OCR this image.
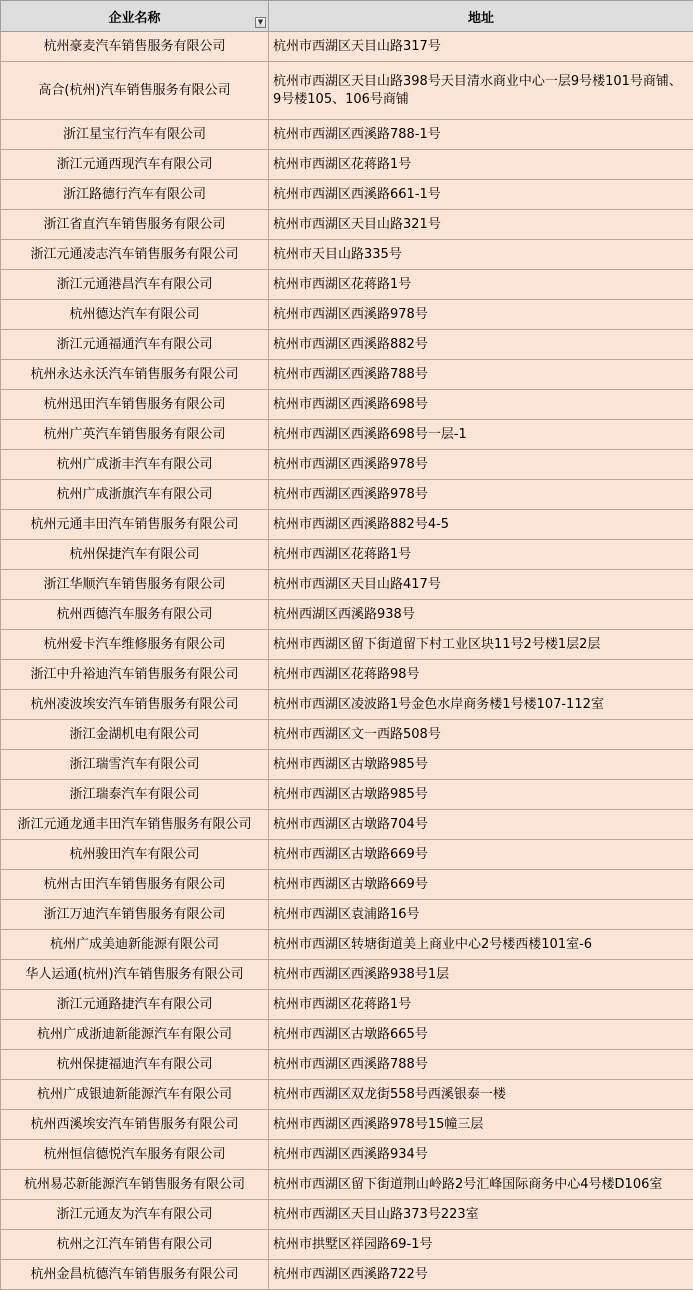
企业名称 ▼	地址
杭州豪麦汽车销售服务有限公司	杭州市西湖区天目山路317号
高合(杭州)汽车销售服务有限公司	杭州市西湖区天目山路398号天目清水商业中心一层9号楼101号商铺、9号楼105、106号商铺
浙江星宝行汽车有限公司	杭州市西湖区西溪路788-1号
浙江元通西现汽车有限公司	杭州市西湖区花蒋路1号
浙江路德行汽车有限公司	杭州市西湖区西溪路661-1号
浙江省直汽车销售服务有限公司	杭州市西湖区天目山路321号
浙江元通凌志汽车销售服务有限公司	杭州市天目山路335号
浙江元通港昌汽车有限公司	杭州市西湖区花蒋路1号
杭州德达汽车有限公司	杭州市西湖区西溪路978号
浙江元通福通汽车有限公司	杭州市西湖区西溪路882号
杭州永达永沃汽车销售服务有限公司	杭州市西湖区西溪路788号
杭州迅田汽车销售服务有限公司	杭州市西湖区西溪路698号
杭州广英汽车销售服务有限公司	杭州市西湖区西溪路698号一层-1
杭州广成浙丰汽车有限公司	杭州市西湖区西溪路978号
杭州广成浙旗汽车有限公司	杭州市西湖区西溪路978号
杭州元通丰田汽车销售服务有限公司	杭州市西湖区西溪路882号4-5
杭州保捷汽车有限公司	杭州市西湖区花蒋路1号
浙江华顺汽车销售服务有限公司	杭州市西湖区天目山路417号
杭州西德汽车服务有限公司	杭州西湖区西溪路938号
杭州爱卡汽车维修服务有限公司	杭州市西湖区留下街道留下村工业区块11号2号楼1层2层
浙江中升裕迪汽车销售服务有限公司	杭州市西湖区花蒋路98号
杭州凌波埃安汽车销售服务有限公司	杭州市西湖区凌波路1号金色水岸商务楼1号楼107-112室
浙江金湖机电有限公司	杭州市西湖区文一西路508号
浙江瑞雪汽车有限公司	杭州市西湖区古墩路985号
浙江瑞泰汽车有限公司	杭州市西湖区古墩路985号
浙江元通龙通丰田汽车销售服务有限公司	杭州市西湖区古墩路704号
杭州骏田汽车有限公司	杭州市西湖区古墩路669号
杭州古田汽车销售服务有限公司	杭州市西湖区古墩路669号
浙江万迪汽车销售服务有限公司	杭州市西湖区袁浦路16号
杭州广成美迪新能源有限公司	杭州市西湖区转塘街道美上商业中心2号楼西楼101室-6
华人运通(杭州)汽车销售服务有限公司	杭州市西湖区西溪路938号1层
浙江元通路捷汽车有限公司	杭州市西湖区花蒋路1号
杭州广成浙迪新能源汽车有限公司	杭州市西湖区古墩路665号
杭州保捷福迪汽车有限公司	杭州市西湖区西溪路788号
杭州广成银迪新能源汽车有限公司	杭州市西湖区双龙街558号西溪银泰一楼
杭州西溪埃安汽车销售服务有限公司	杭州市西湖区西溪路978号15幢三层
杭州恒信德悦汽车服务有限公司	杭州市西湖区西溪路934号
杭州易芯新能源汽车销售服务有限公司	杭州市西湖区留下街道荆山岭路2号汇峰国际商务中心4号楼D106室
浙江元通友为汽车有限公司	杭州市西湖区天目山路373号223室
杭州之江汽车销售有限公司	杭州市拱墅区祥园路69-1号
杭州金昌杭德汽车销售服务有限公司	杭州市西湖区西溪路722号
